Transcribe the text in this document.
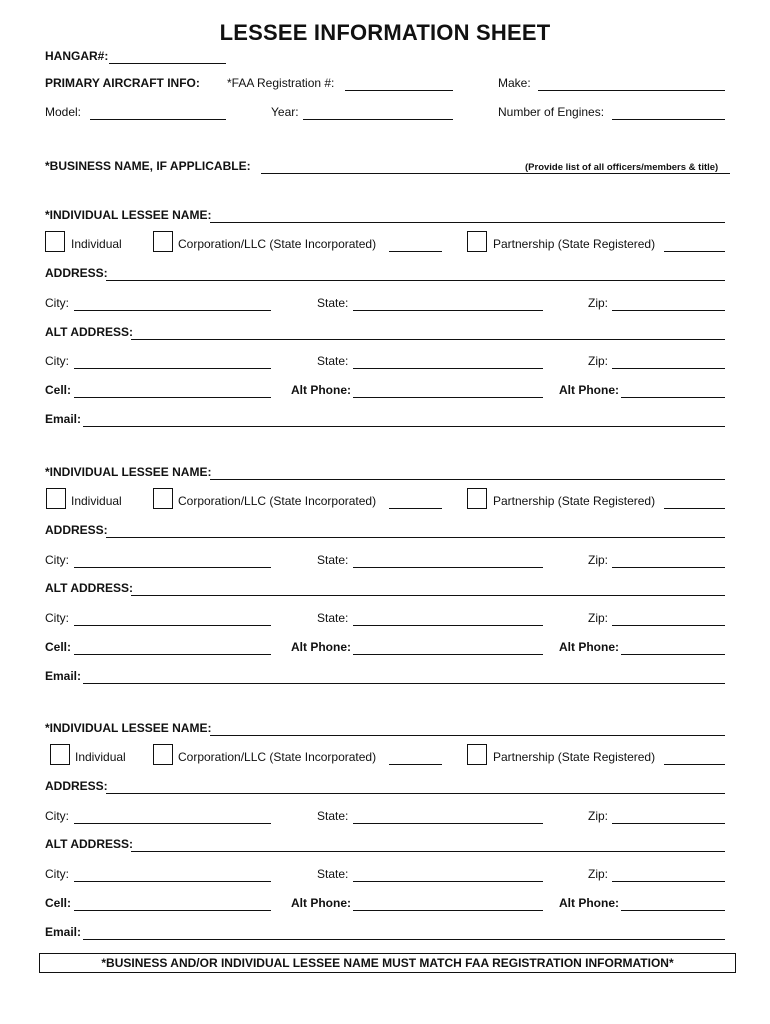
LESSEE INFORMATION SHEET
HANGAR#:
PRIMARY AIRCRAFT INFO: *FAA Registration #:	Make:
Model:	Year:	Number of Engines:
*BUSINESS NAME, IF APPLICABLE:	(Provide list of all officers/members & title)
*INDIVIDUAL LESSEE NAME:
Individual	Corporation/LLC (State Incorporated)	Partnership (State Registered)
ADDRESS:
City:	State:	Zip:
ALT ADDRESS:
City:	State:	Zip:
Cell:	Alt Phone:	Alt Phone:
Email:
*INDIVIDUAL LESSEE NAME:
Individual	Corporation/LLC (State Incorporated)	Partnership (State Registered)
ADDRESS:
City:	State:	Zip:
ALT ADDRESS:
City:	State:	Zip:
Cell:	Alt Phone:	Alt Phone:
Email:
*INDIVIDUAL LESSEE NAME:
Individual	Corporation/LLC (State Incorporated)	Partnership (State Registered)
ADDRESS:
City:	State:	Zip:
ALT ADDRESS:
City:	State:	Zip:
Cell:	Alt Phone:	Alt Phone:
Email:
*BUSINESS AND/OR INDIVIDUAL LESSEE NAME MUST MATCH FAA REGISTRATION INFORMATION*
